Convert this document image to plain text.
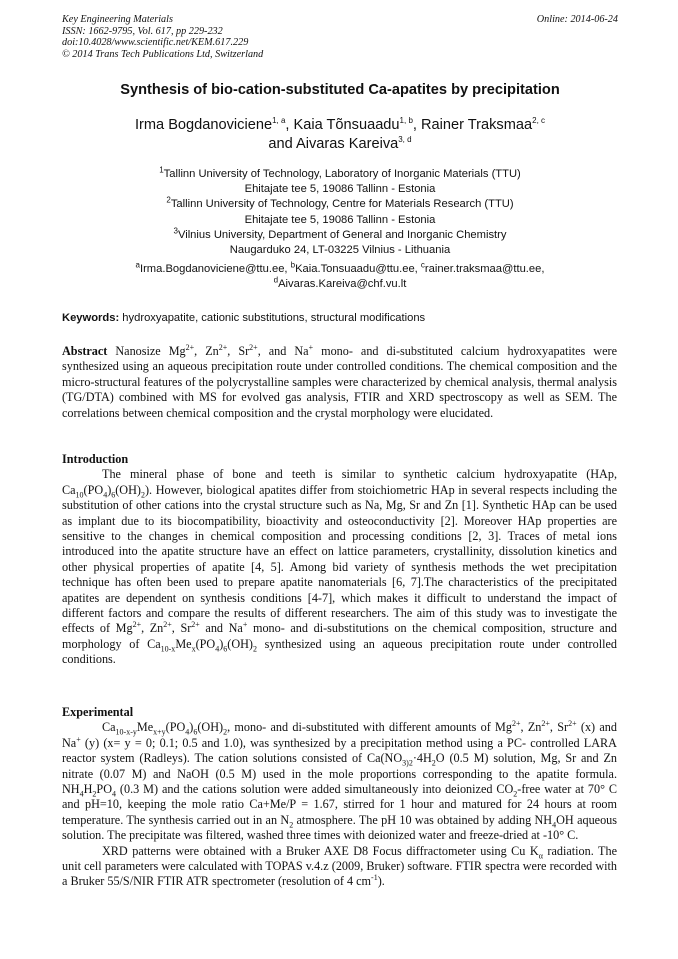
Key Engineering Materials
ISSN: 1662-9795, Vol. 617, pp 229-232
doi:10.4028/www.scientific.net/KEM.617.229
© 2014 Trans Tech Publications Ltd, Switzerland
Online: 2014-06-24
Synthesis of bio-cation-substituted Ca-apatites by precipitation
Irma Bogdanoviciene$^{1, a}$, Kaia Tõnsuaadu$^{1, b}$, Rainer Traksmaa$^{2, c}$
and Aivaras Kareiva$^{3, d}$
$^1$Tallinn University of Technology, Laboratory of Inorganic Materials (TTU)
Ehitajate tee 5, 19086 Tallinn - Estonia
$^2$Tallinn University of Technology, Centre for Materials Research (TTU)
Ehitajate tee 5, 19086 Tallinn - Estonia
$^3$Vilnius University, Department of General and Inorganic Chemistry
Naugarduko 24, LT-03225 Vilnius - Lithuania
$^a$Irma.Bogdanoviciene@ttu.ee, $^b$Kaia.Tonsuaadu@ttu.ee, $^c$rainer.traksmaa@ttu.ee,
$^d$Aivaras.Kareiva@chf.vu.lt
Keywords: hydroxyapatite, cationic substitutions, structural modifications
Abstract Nanosize $Mg^{2+}$, $Zn^{2+}$, $Sr^{2+}$, and Na+ mono- and di-substituted calcium hydroxyapatites were synthesized using an aqueous precipitation route under controlled conditions. The chemical composition and the micro-structural features of the polycrystalline samples were characterized by chemical analysis, thermal analysis (TG/DTA) combined with MS for evolved gas analysis, FTIR and XRD spectroscopy as well as SEM. The correlations between chemical composition and the crystal morphology were elucidated.
Introduction
The mineral phase of bone and teeth is similar to synthetic calcium hydroxyapatite (HAp, $Ca_{10}(PO_4)_6(OH)_2$). However, biological apatites differ from stoichiometric HAp in several respects including the substitution of other cations into the crystal structure such as Na, Mg, Sr and Zn [1]. Synthetic HAp can be used as implant due to its biocompatibility, bioactivity and osteoconductivity [2]. Moreover HAp properties are sensitive to the changes in chemical composition and processing conditions [2, 3]. Traces of metal ions introduced into the apatite structure have an effect on lattice parameters, crystallinity, dissolution kinetics and other physical properties of apatite [4, 5]. Among bid variety of synthesis methods the wet precipitation technique has often been used to prepare apatite nanomaterials [6, 7].The characteristics of the precipitated apatites are dependent on synthesis conditions [4-7], which makes it difficult to understand the impact of different factors and compare the results of different researchers. The aim of this study was to investigate the effects of $Mg^{2+}$, $Zn^{2+}$, $Sr^{2+}$ and Na+ mono- and di-substitutions on the chemical composition, structure and morphology of $Ca_{10-x}Me_x(PO_4)_6(OH)_2$ synthesized using an aqueous precipitation route under controlled conditions.
Experimental
$Ca_{10-x-y}Me_{x+y}(PO_4)_6(OH)_2$, mono- and di-substituted with different amounts of $Mg^{2+}$, $Zn^{2+}$, $Sr^{2+}$ (x) and Na+ (y) (x= y = 0; 0.1; 0.5 and 1.0), was synthesized by a precipitation method using a PC- controlled LARA reactor system (Radleys). The cation solutions consisted of $Ca(NO_{3)2}\cdot 4H_2O$ (0.5 M) solution, Mg, Sr and Zn nitrate (0.07 M) and NaOH (0.5 M) used in the mole proportions corresponding to the apatite formula. $NH_4H_2PO_4$ (0.3 M) and the cations solution were added simultaneously into deionized $CO_2$-free water at 70° C and pH=10, keeping the mole ratio Ca+Me/P = 1.67, stirred for 1 hour and matured for 24 hours at room temperature. The synthesis carried out in an $N_2$ atmosphere. The pH 10 was obtained by adding $NH_4OH$ aqueous solution. The precipitate was filtered, washed three times with deionized water and freeze-dried at -10° C.
XRD patterns were obtained with a Bruker AXE D8 Focus diffractometer using Cu $K_\alpha$ radiation. The unit cell parameters were calculated with TOPAS v.4.z (2009, Bruker) software. FTIR spectra were recorded with a Bruker 55/S/NIR FTIR ATR spectrometer (resolution of 4 $cm^{-1}$).
